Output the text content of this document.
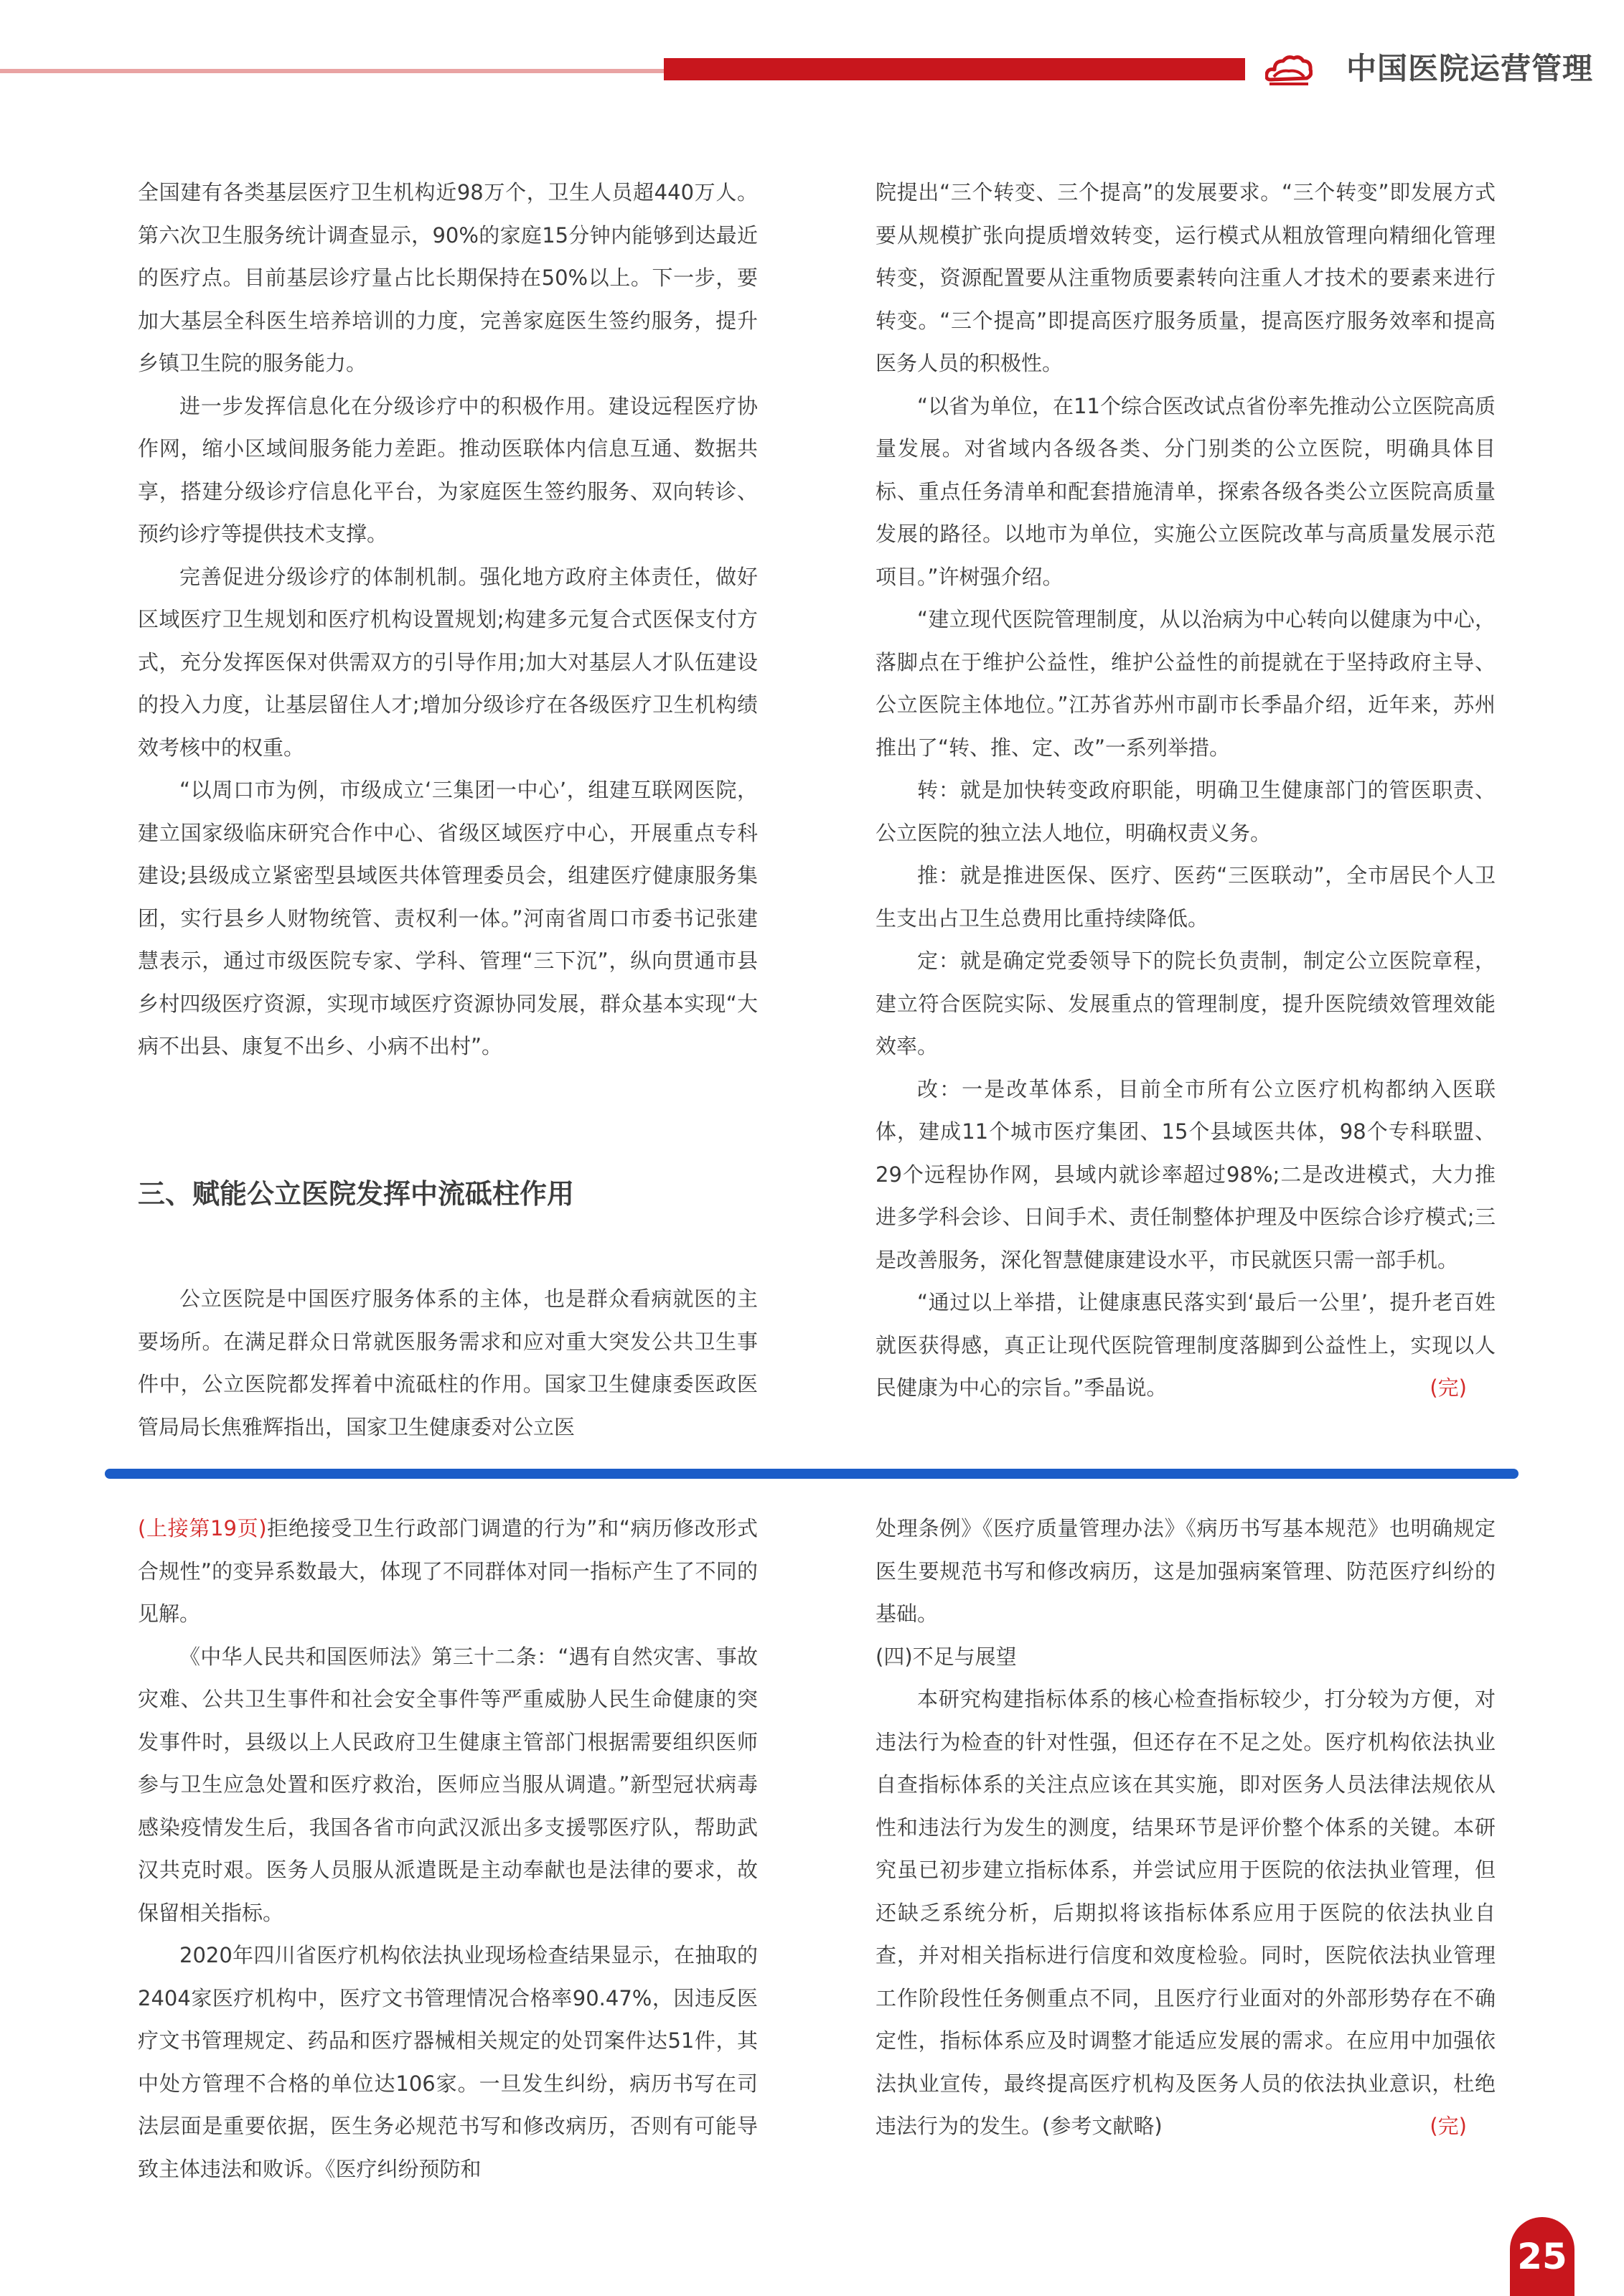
中国医院运营管理

全国建有各类基层医疗卫生机构近98万个，卫生人员超440万人。第六次卫生服务统计调查显示，90%的家庭15分钟内能够到达最近的医疗点。目前基层诊疗量占比长期保持在50%以上。下一步，要加大基层全科医生培养培训的力度，完善家庭医生签约服务，提升乡镇卫生院的服务能力。

进一步发挥信息化在分级诊疗中的积极作用。建设远程医疗协作网，缩小区域间服务能力差距。推动医联体内信息互通、数据共享，搭建分级诊疗信息化平台，为家庭医生签约服务、双向转诊、预约诊疗等提供技术支撑。

完善促进分级诊疗的体制机制。强化地方政府主体责任，做好区域医疗卫生规划和医疗机构设置规划;构建多元复合式医保支付方式，充分发挥医保对供需双方的引导作用;加大对基层人才队伍建设的投入力度，让基层留住人才;增加分级诊疗在各级医疗卫生机构绩效考核中的权重。

“以周口市为例，市级成立‘三集团一中心’，组建互联网医院，建立国家级临床研究合作中心、省级区域医疗中心，开展重点专科建设;县级成立紧密型县域医共体管理委员会，组建医疗健康服务集团，实行县乡人财物统管、责权利一体。”河南省周口市委书记张建慧表示，通过市级医院专家、学科、管理“三下沉”，纵向贯通市县乡村四级医疗资源，实现市域医疗资源协同发展，群众基本实现“大病不出县、康复不出乡、小病不出村”。

三、赋能公立医院发挥中流砥柱作用

公立医院是中国医疗服务体系的主体，也是群众看病就医的主要场所。在满足群众日常就医服务需求和应对重大突发公共卫生事件中，公立医院都发挥着中流砥柱的作用。国家卫生健康委医政医管局局长焦雅辉指出，国家卫生健康委对公立医

院提出“三个转变、三个提高”的发展要求。“三个转变”即发展方式要从规模扩张向提质增效转变，运行模式从粗放管理向精细化管理转变，资源配置要从注重物质要素转向注重人才技术的要素来进行转变。“三个提高”即提高医疗服务质量，提高医疗服务效率和提高医务人员的积极性。

“以省为单位，在11个综合医改试点省份率先推动公立医院高质量发展。对省域内各级各类、分门别类的公立医院，明确具体目标、重点任务清单和配套措施清单，探索各级各类公立医院高质量发展的路径。以地市为单位，实施公立医院改革与高质量发展示范项目。”许树强介绍。

“建立现代医院管理制度，从以治病为中心转向以健康为中心，落脚点在于维护公益性，维护公益性的前提就在于坚持政府主导、公立医院主体地位。”江苏省苏州市副市长季晶介绍，近年来，苏州推出了“转、推、定、改”一系列举措。

转：就是加快转变政府职能，明确卫生健康部门的管医职责、公立医院的独立法人地位，明确权责义务。

推：就是推进医保、医疗、医药“三医联动”，全市居民个人卫生支出占卫生总费用比重持续降低。

定：就是确定党委领导下的院长负责制，制定公立医院章程，建立符合医院实际、发展重点的管理制度，提升医院绩效管理效能效率。

改：一是改革体系，目前全市所有公立医疗机构都纳入医联体，建成11个城市医疗集团、15个县域医共体，98个专科联盟、29个远程协作网，县域内就诊率超过98%;二是改进模式，大力推进多学科会诊、日间手术、责任制整体护理及中医综合诊疗模式;三是改善服务，深化智慧健康建设水平，市民就医只需一部手机。

“通过以上举措，让健康惠民落实到‘最后一公里’，提升老百姓就医获得感，真正让现代医院管理制度落脚到公益性上，实现以人民健康为中心的宗旨。”季晶说。	(完)

(上接第19页)拒绝接受卫生行政部门调遣的行为”和“病历修改形式合规性”的变异系数最大，体现了不同群体对同一指标产生了不同的见解。

《中华人民共和国医师法》第三十二条：“遇有自然灾害、事故灾难、公共卫生事件和社会安全事件等严重威胁人民生命健康的突发事件时，县级以上人民政府卫生健康主管部门根据需要组织医师参与卫生应急处置和医疗救治，医师应当服从调遣。”新型冠状病毒感染疫情发生后，我国各省市向武汉派出多支援鄂医疗队，帮助武汉共克时艰。医务人员服从派遣既是主动奉献也是法律的要求，故保留相关指标。

2020年四川省医疗机构依法执业现场检查结果显示，在抽取的2404家医疗机构中，医疗文书管理情况合格率90.47%，因违反医疗文书管理规定、药品和医疗器械相关规定的处罚案件达51件，其中处方管理不合格的单位达106家。一旦发生纠纷，病历书写在司法层面是重要依据，医生务必规范书写和修改病历，否则有可能导致主体违法和败诉。《医疗纠纷预防和

处理条例》《医疗质量管理办法》《病历书写基本规范》也明确规定医生要规范书写和修改病历，这是加强病案管理、防范医疗纠纷的基础。

(四)不足与展望

本研究构建指标体系的核心检查指标较少，打分较为方便，对违法行为检查的针对性强，但还存在不足之处。医疗机构依法执业自查指标体系的关注点应该在其实施，即对医务人员法律法规依从性和违法行为发生的测度，结果环节是评价整个体系的关键。本研究虽已初步建立指标体系，并尝试应用于医院的依法执业管理，但还缺乏系统分析，后期拟将该指标体系应用于医院的依法执业自查，并对相关指标进行信度和效度检验。同时，医院依法执业管理工作阶段性任务侧重点不同，且医疗行业面对的外部形势存在不确定性，指标体系应及时调整才能适应发展的需求。在应用中加强依法执业宣传，最终提高医疗机构及医务人员的依法执业意识，杜绝违法行为的发生。(参考文献略)	(完)

25
